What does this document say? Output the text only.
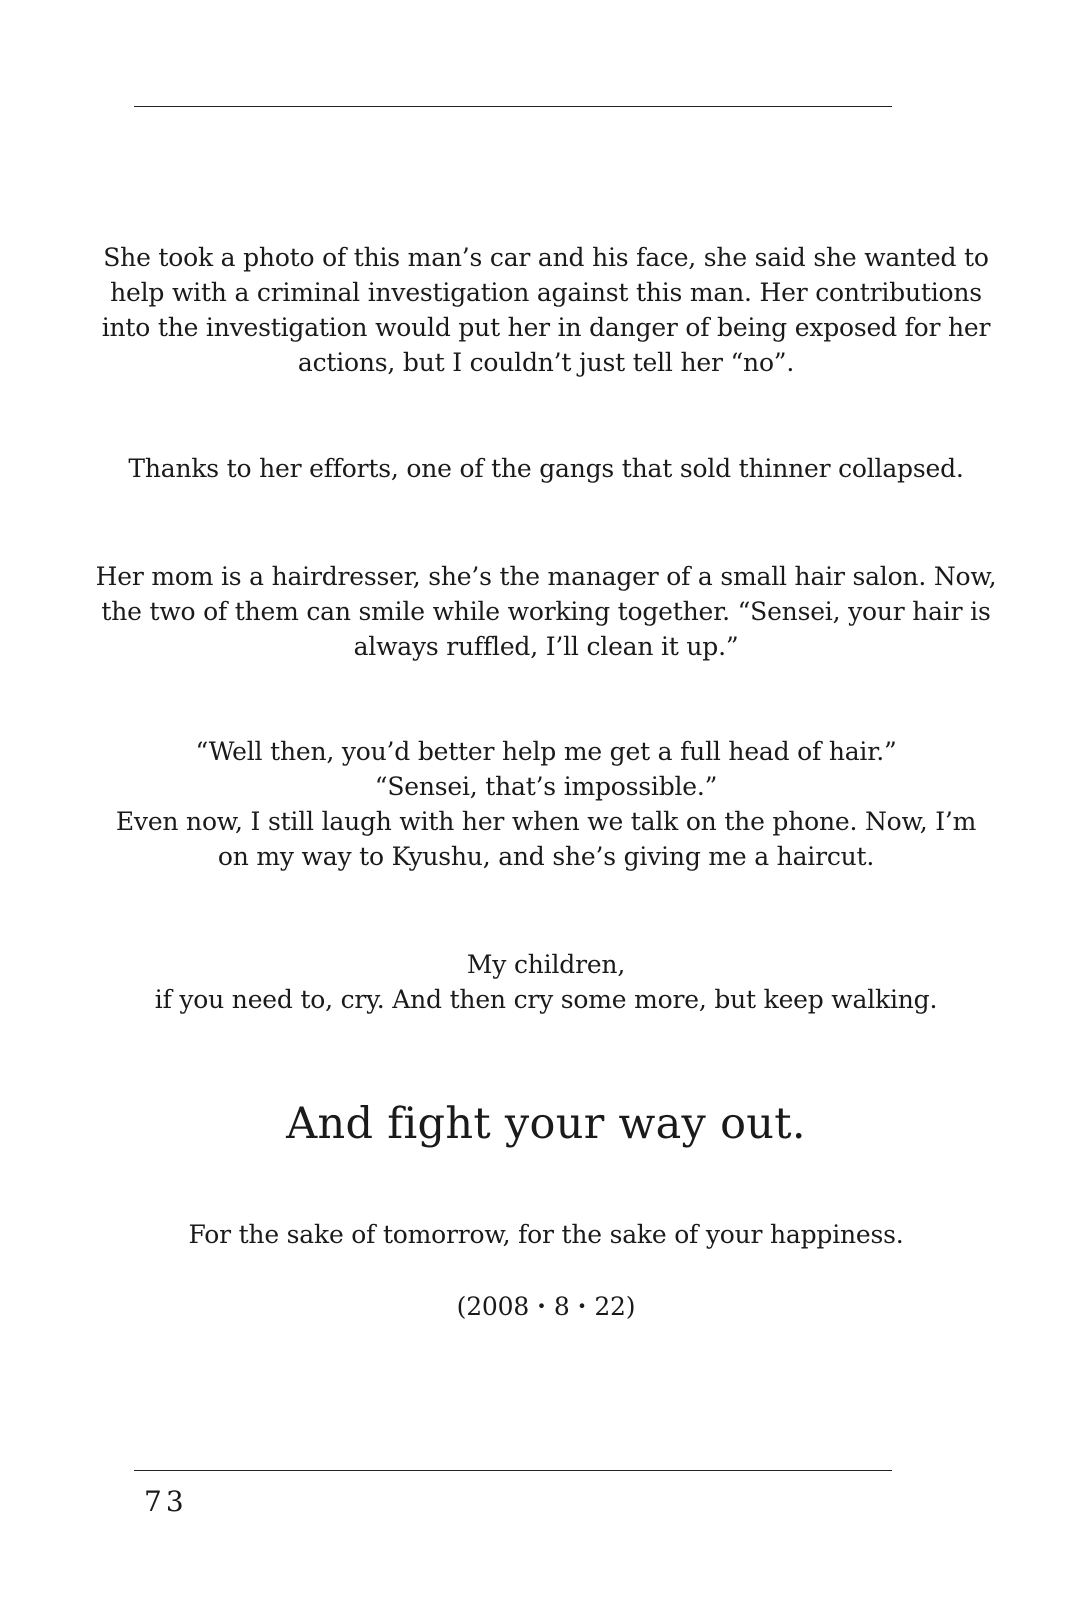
She took a photo of this man’s car and his face, she said she wanted to
help with a criminal investigation against this man. Her contributions
into the investigation would put her in danger of being exposed for her
actions, but I couldn’t just tell her “no”.
Thanks to her efforts, one of the gangs that sold thinner collapsed.
Her mom is a hairdresser, she’s the manager of a small hair salon. Now,
the two of them can smile while working together. “Sensei, your hair is
always ruffled, I’ll clean it up.”
“Well then, you’d better help me get a full head of hair.”
“Sensei, that’s impossible.”
Even now, I still laugh with her when we talk on the phone. Now, I’m
on my way to Kyushu, and she’s giving me a haircut.
My children,
if you need to, cry. And then cry some more, but keep walking.
And fight your way out.
For the sake of tomorrow, for the sake of your happiness.
(2008・8・22)
73
